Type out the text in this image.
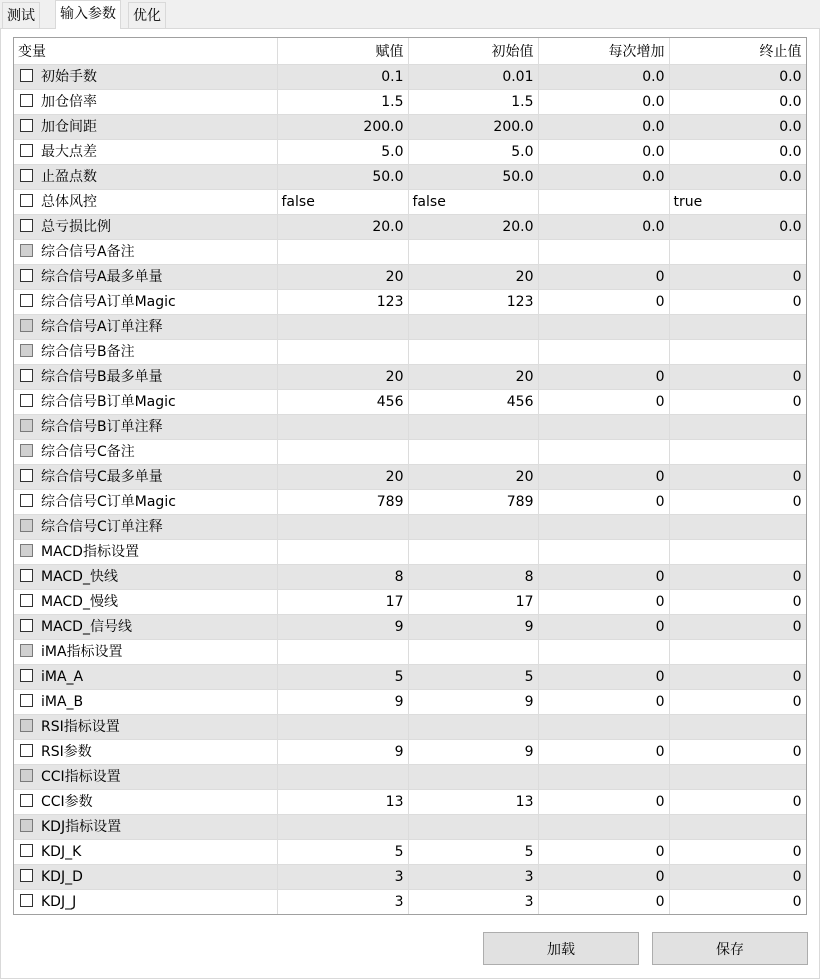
测试	输入参数	优化
变量	赋值	初始值	每次增加	终止值
初始手数	0.1	0.01	0.0	0.0
加仓倍率	1.5	1.5	0.0	0.0
加仓间距	200.0	200.0	0.0	0.0
最大点差	5.0	5.0	0.0	0.0
止盈点数	50.0	50.0	0.0	0.0
总体风控	false	false		true
总亏损比例	20.0	20.0	0.0	0.0
综合信号A备注				
综合信号A最多单量	20	20	0	0
综合信号A订单Magic	123	123	0	0
综合信号A订单注释				
综合信号B备注				
综合信号B最多单量	20	20	0	0
综合信号B订单Magic	456	456	0	0
综合信号B订单注释				
综合信号C备注				
综合信号C最多单量	20	20	0	0
综合信号C订单Magic	789	789	0	0
综合信号C订单注释				
MACD指标设置				
MACD_快线	8	8	0	0
MACD_慢线	17	17	0	0
MACD_信号线	9	9	0	0
iMA指标设置				
iMA_A	5	5	0	0
iMA_B	9	9	0	0
RSI指标设置				
RSI参数	9	9	0	0
CCI指标设置				
CCI参数	13	13	0	0
KDJ指标设置				
KDJ_K	5	5	0	0
KDJ_D	3	3	0	0
KDJ_J	3	3	0	0
加载	保存
